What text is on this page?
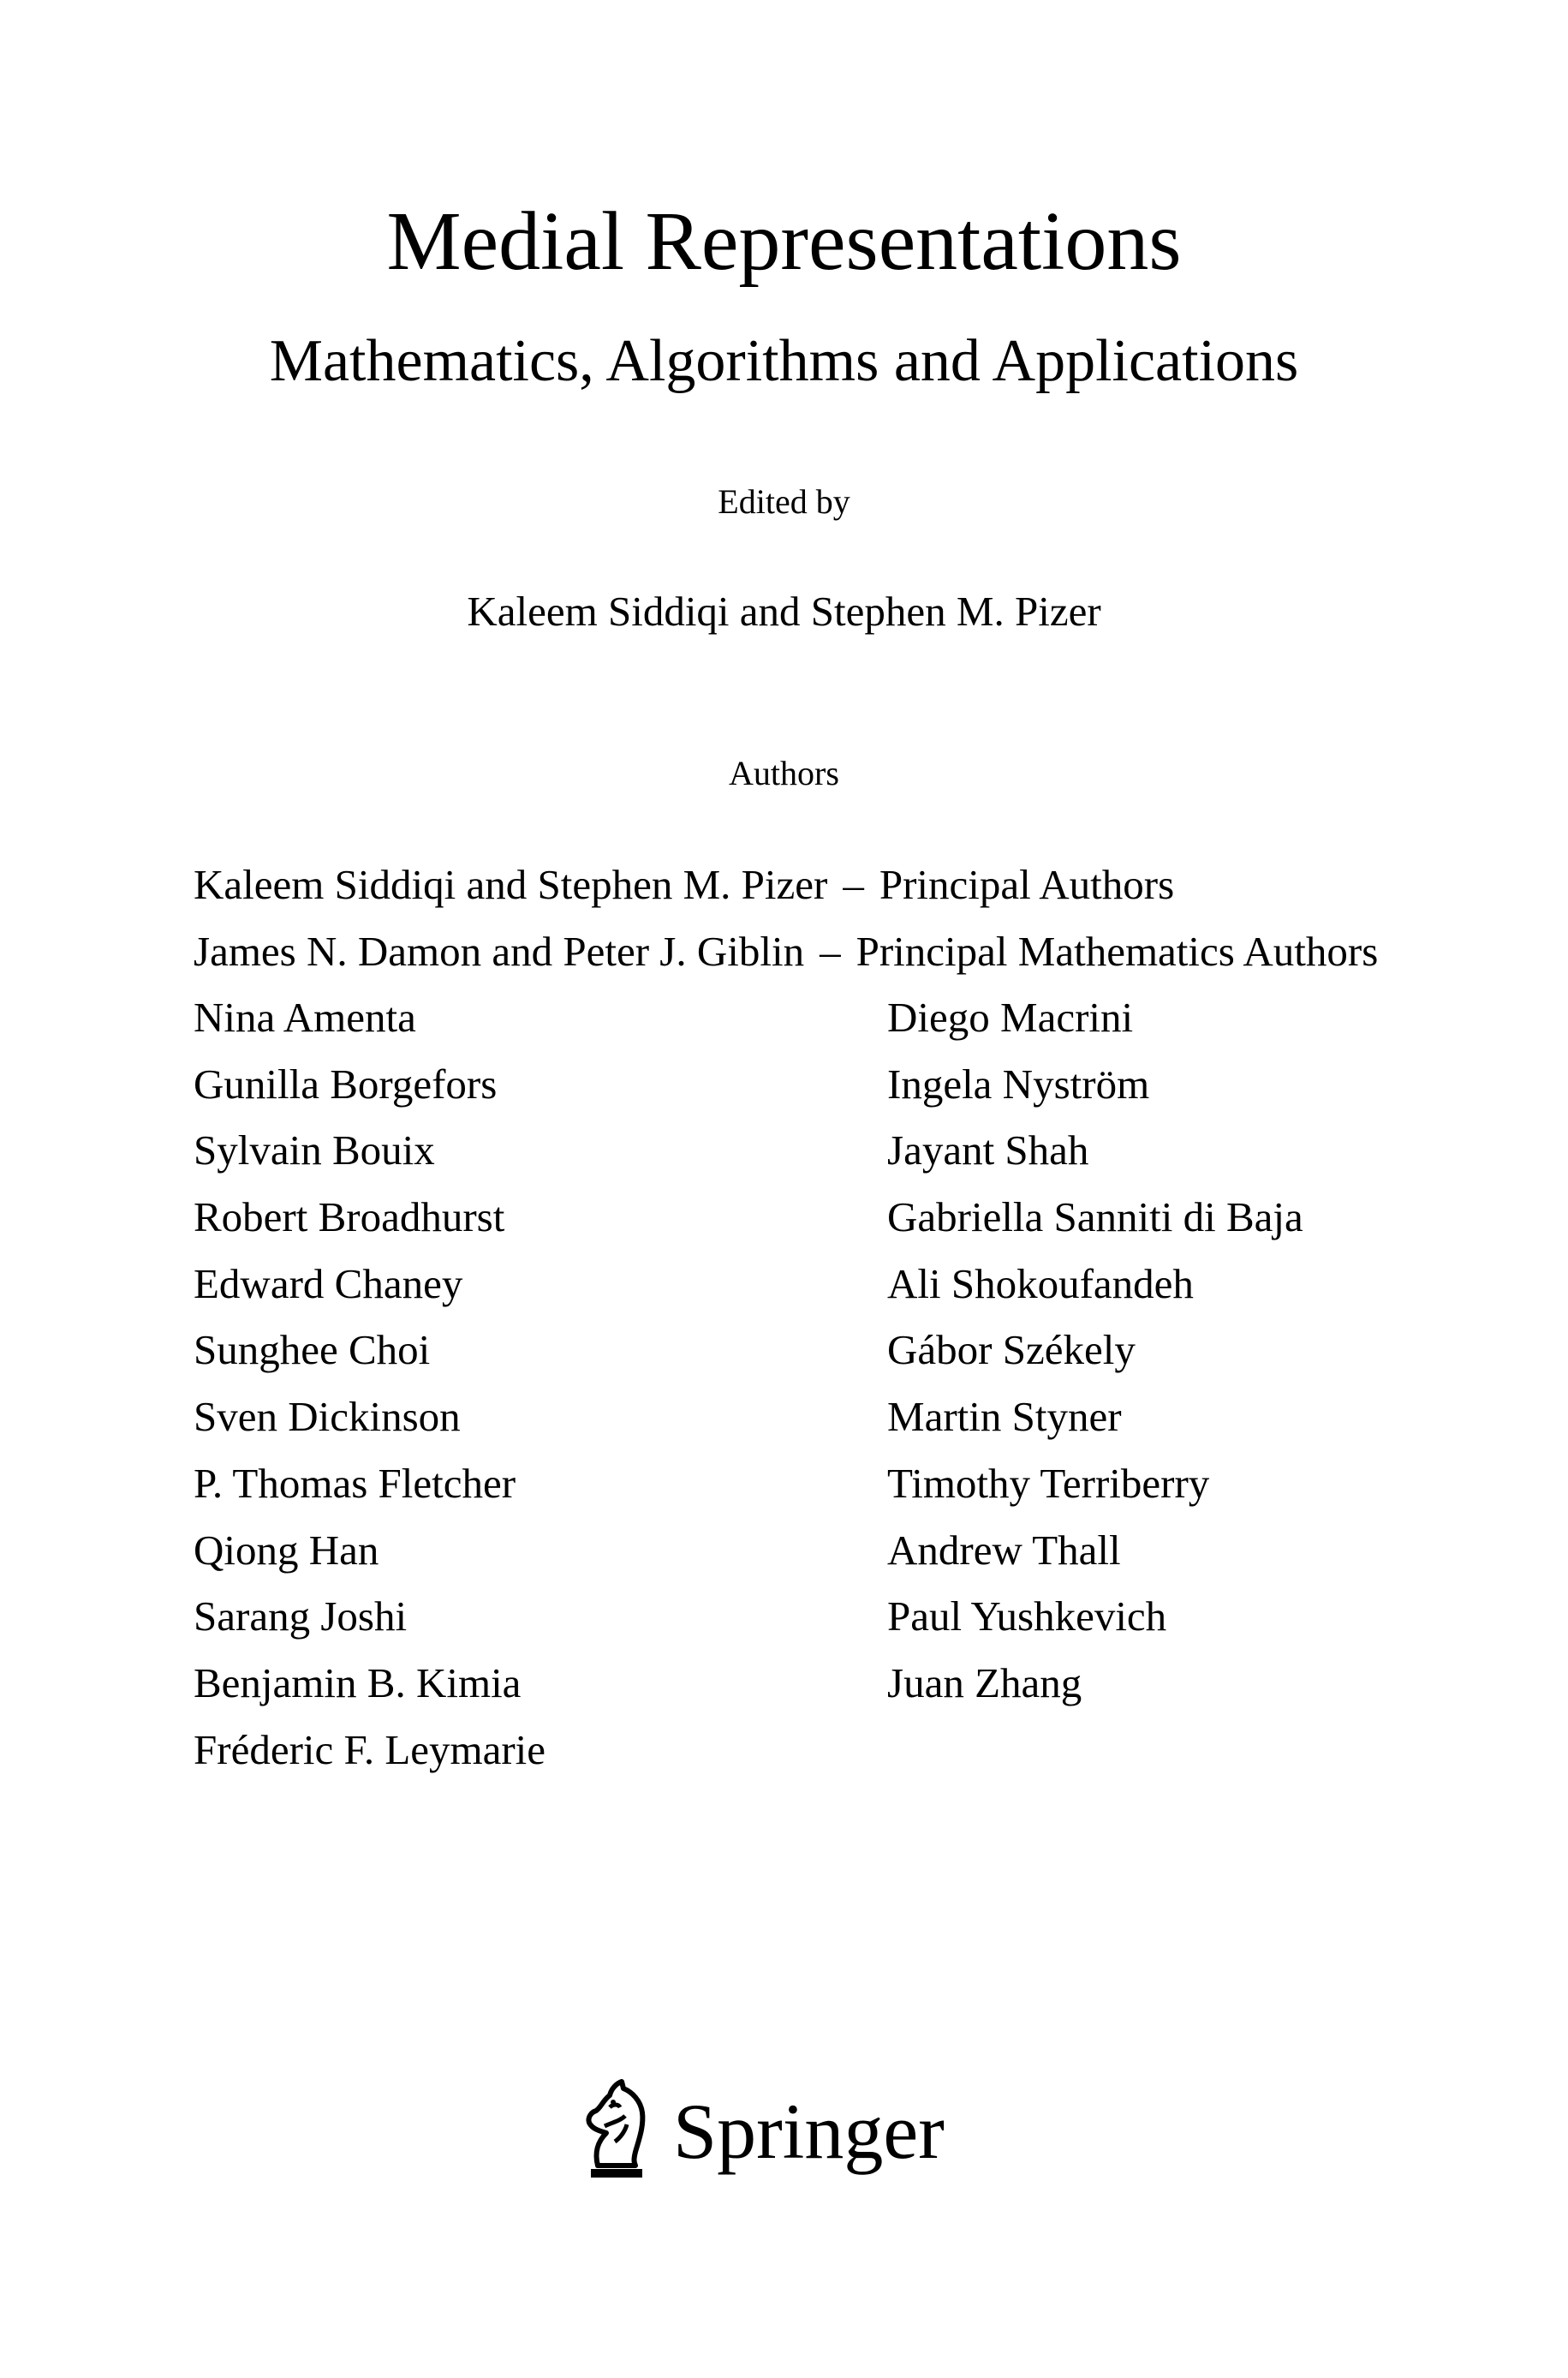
Medial Representations
Mathematics, Algorithms and Applications
Edited by
Kaleem Siddiqi and Stephen M. Pizer
Authors
Kaleem Siddiqi and Stephen M. Pizer – Principal Authors
James N. Damon and Peter J. Giblin – Principal Mathematics Authors
Nina Amenta
Gunilla Borgefors
Sylvain Bouix
Robert Broadhurst
Edward Chaney
Sunghee Choi
Sven Dickinson
P. Thomas Fletcher
Qiong Han
Sarang Joshi
Benjamin B. Kimia
Fréderic F. Leymarie
Diego Macrini
Ingela Nyström
Jayant Shah
Gabriella Sanniti di Baja
Ali Shokoufandeh
Gábor Székely
Martin Styner
Timothy Terriberry
Andrew Thall
Paul Yushkevich
Juan Zhang
Springer
